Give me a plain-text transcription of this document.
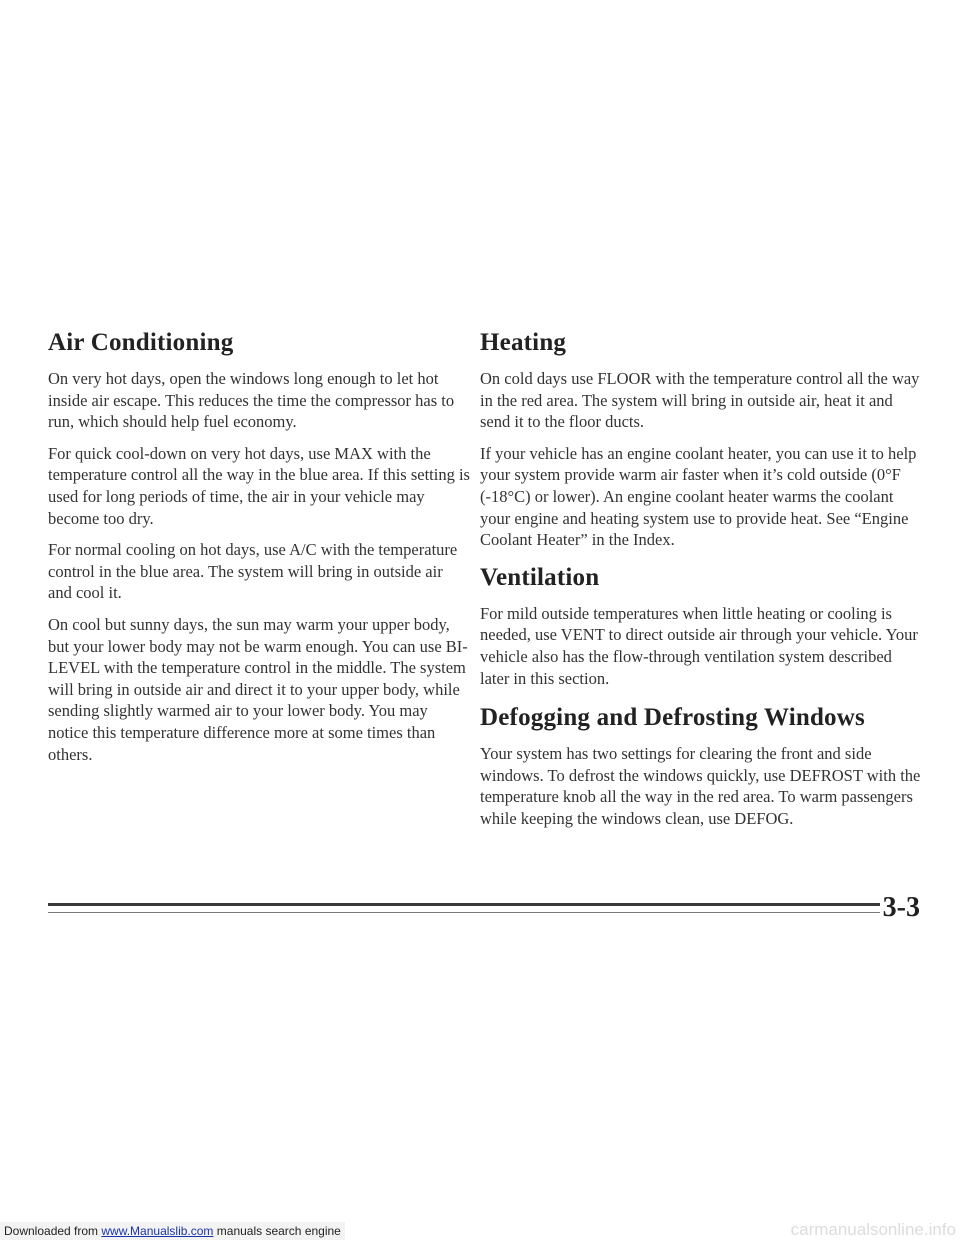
Air Conditioning

On very hot days, open the windows long enough to let hot inside air escape. This reduces the time the compressor has to run, which should help fuel economy.

For quick cool-down on very hot days, use MAX with the temperature control all the way in the blue area. If this setting is used for long periods of time, the air in your vehicle may become too dry.

For normal cooling on hot days, use A/C with the temperature control in the blue area. The system will bring in outside air and cool it.

On cool but sunny days, the sun may warm your upper body, but your lower body may not be warm enough. You can use BI-LEVEL with the temperature control in the middle. The system will bring in outside air and direct it to your upper body, while sending slightly warmed air to your lower body. You may notice this temperature difference more at some times than others.

Heating

On cold days use FLOOR with the temperature control all the way in the red area. The system will bring in outside air, heat it and send it to the floor ducts.

If your vehicle has an engine coolant heater, you can use it to help your system provide warm air faster when it’s cold outside (0°F (-18°C) or lower). An engine coolant heater warms the coolant your engine and heating system use to provide heat. See “Engine Coolant Heater” in the Index.

Ventilation

For mild outside temperatures when little heating or cooling is needed, use VENT to direct outside air through your vehicle. Your vehicle also has the flow-through ventilation system described later in this section.

Defogging and Defrosting Windows

Your system has two settings for clearing the front and side windows. To defrost the windows quickly, use DEFROST with the temperature knob all the way in the red area. To warm passengers while keeping the windows clean, use DEFOG.

3-3
Downloaded from www.Manualslib.com manuals search engine	carmanualsonline.info
